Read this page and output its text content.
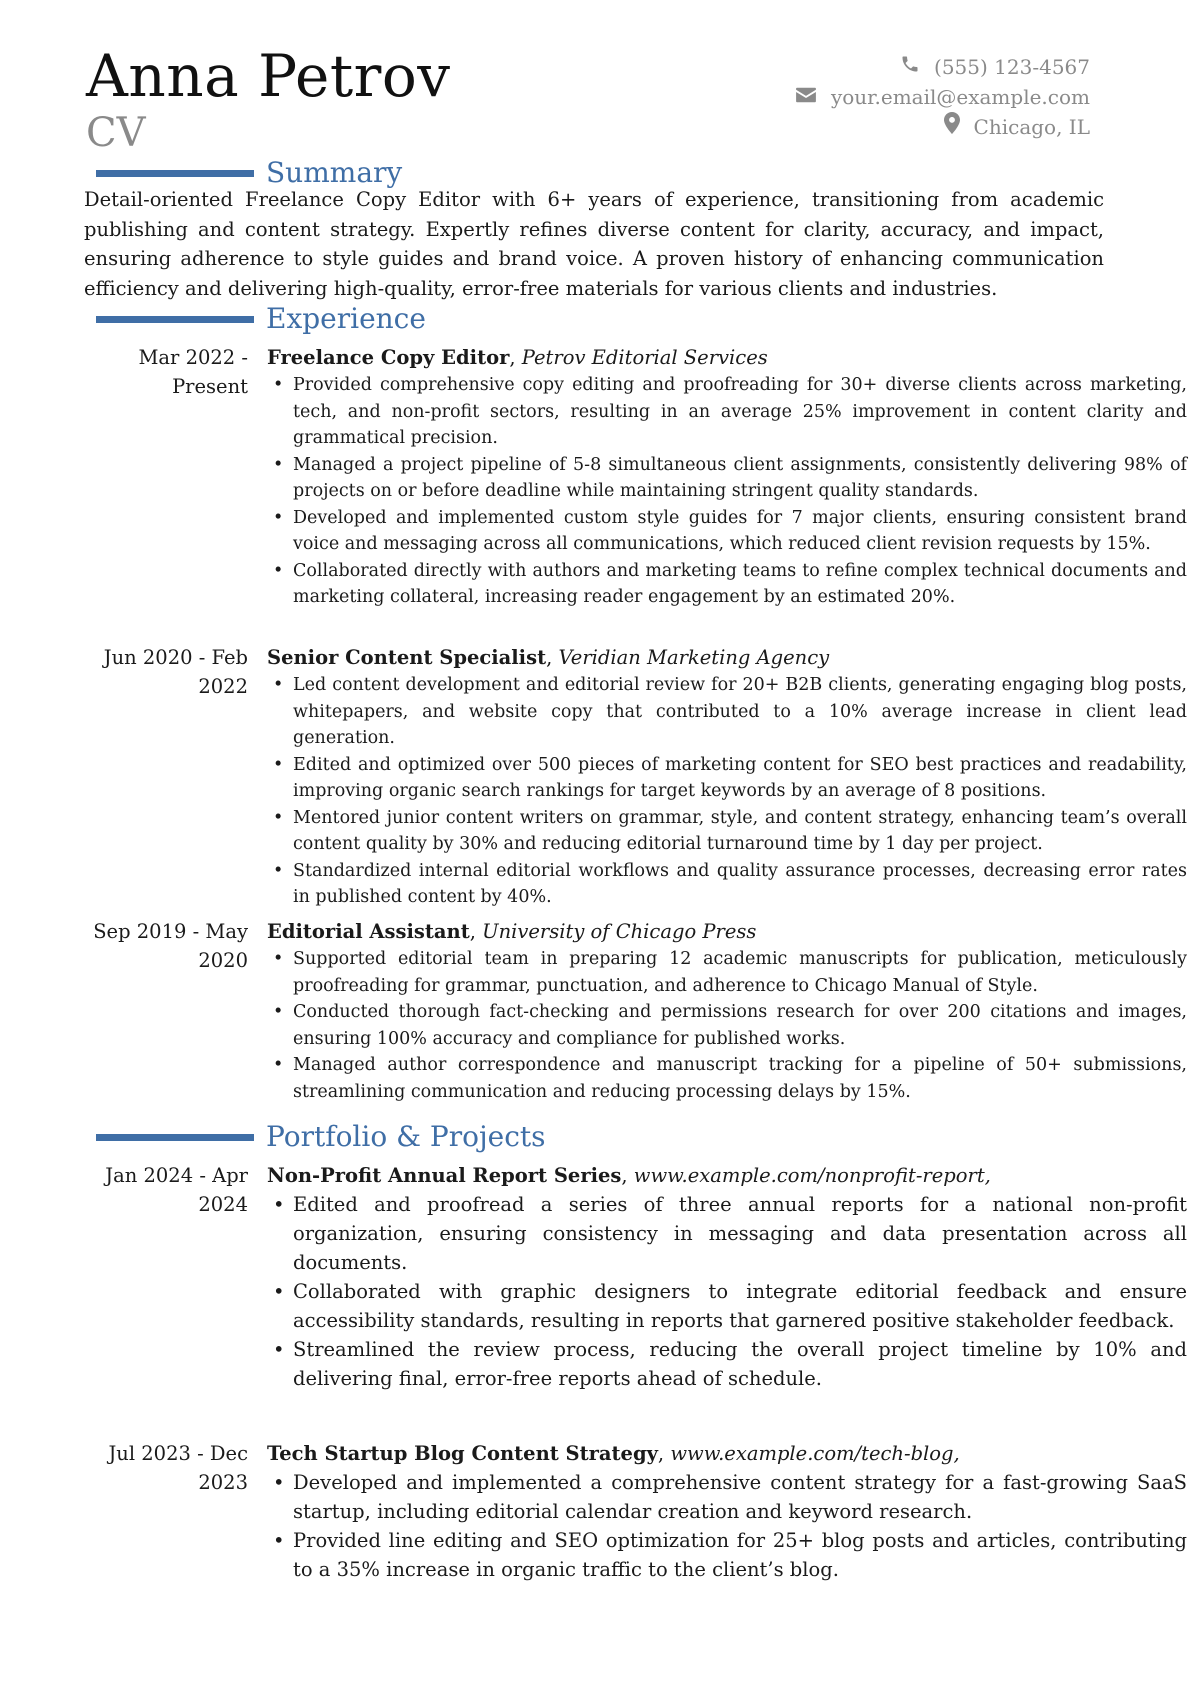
Anna Petrov
CV
(555) 123-4567
your.email@example.com
Chicago, IL
Summary
Detail-oriented Freelance Copy Editor with 6+ years of experience, transitioning from academic publishing and content strategy. Expertly refines diverse content for clarity, accuracy, and impact, ensuring adherence to style guides and brand voice. A proven history of enhancing communication efficiency and delivering high-quality, error-free materials for various clients and industries.
Experience
Mar 2022 - Present
Freelance Copy Editor, Petrov Editorial Services
• Provided comprehensive copy editing and proofreading for 30+ diverse clients across marketing, tech, and non-profit sectors, resulting in an average 25% improvement in content clarity and grammatical precision.
• Managed a project pipeline of 5-8 simultaneous client assignments, consistently delivering 98% of projects on or before deadline while maintaining stringent quality standards.
• Developed and implemented custom style guides for 7 major clients, ensuring consistent brand voice and messaging across all communications, which reduced client revision requests by 15%.
• Collaborated directly with authors and marketing teams to refine complex technical documents and marketing collateral, increasing reader engagement by an estimated 20%.
Jun 2020 - Feb 2022
Senior Content Specialist, Veridian Marketing Agency
• Led content development and editorial review for 20+ B2B clients, generating engaging blog posts, whitepapers, and website copy that contributed to a 10% average increase in client lead generation.
• Edited and optimized over 500 pieces of marketing content for SEO best practices and readability, improving organic search rankings for target keywords by an average of 8 positions.
• Mentored junior content writers on grammar, style, and content strategy, enhancing team’s overall content quality by 30% and reducing editorial turnaround time by 1 day per project.
• Standardized internal editorial workflows and quality assurance processes, decreasing error rates in published content by 40%.
Sep 2019 - May 2020
Editorial Assistant, University of Chicago Press
• Supported editorial team in preparing 12 academic manuscripts for publication, meticulously proofreading for grammar, punctuation, and adherence to Chicago Manual of Style.
• Conducted thorough fact-checking and permissions research for over 200 citations and images, ensuring 100% accuracy and compliance for published works.
• Managed author correspondence and manuscript tracking for a pipeline of 50+ submissions, streamlining communication and reducing processing delays by 15%.
Portfolio & Projects
Jan 2024 - Apr 2024
Non-Profit Annual Report Series, www.example.com/nonprofit-report,
• Edited and proofread a series of three annual reports for a national non-profit organization, ensuring consistency in messaging and data presentation across all documents.
• Collaborated with graphic designers to integrate editorial feedback and ensure accessibility standards, resulting in reports that garnered positive stakeholder feedback.
• Streamlined the review process, reducing the overall project timeline by 10% and delivering final, error-free reports ahead of schedule.
Jul 2023 - Dec 2023
Tech Startup Blog Content Strategy, www.example.com/tech-blog,
• Developed and implemented a comprehensive content strategy for a fast-growing SaaS startup, including editorial calendar creation and keyword research.
• Provided line editing and SEO optimization for 25+ blog posts and articles, contributing to a 35% increase in organic traffic to the client’s blog.
